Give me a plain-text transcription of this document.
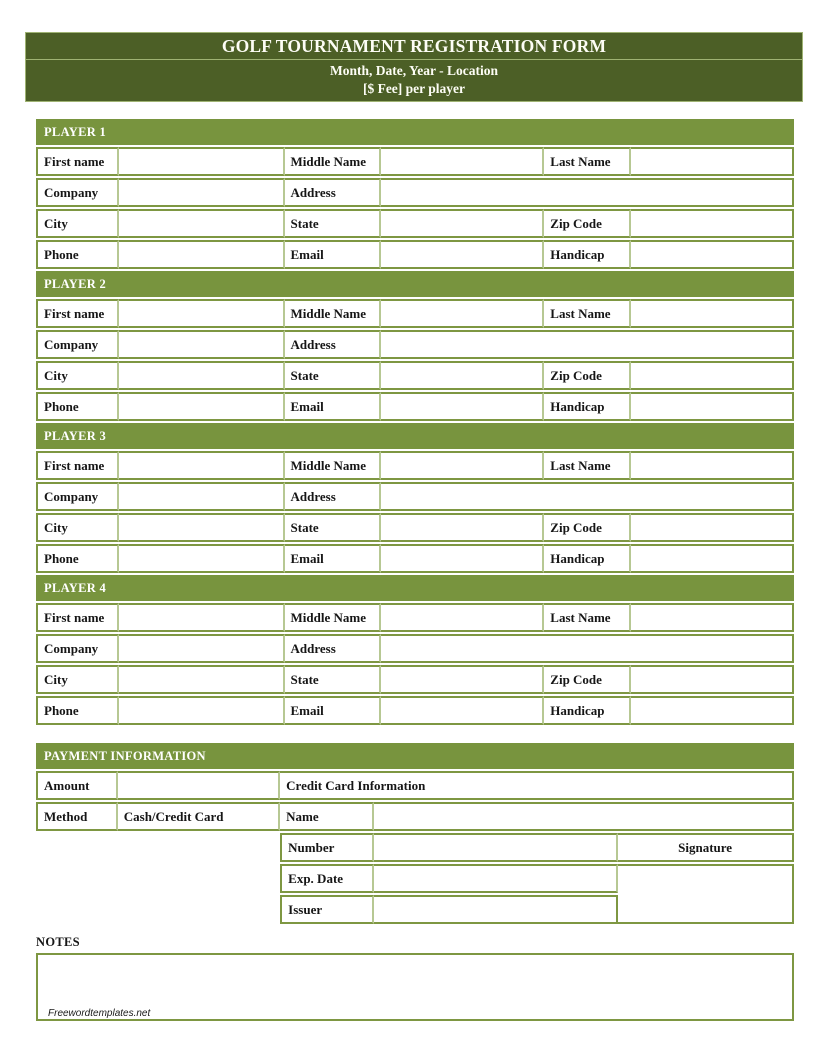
GOLF TOURNAMENT REGISTRATION FORM
Month, Date, Year - Location
[$ Fee] per player
PLAYER 1					
First name		Middle Name		Last Name	
Company		Address			
City		State		Zip Code	
Phone		Email		Handicap	
PLAYER 2					
First name		Middle Name		Last Name	
Company		Address			
City		State		Zip Code	
Phone		Email		Handicap	
PLAYER 3					
First name		Middle Name		Last Name	
Company		Address			
City		State		Zip Code	
Phone		Email		Handicap	
PLAYER 4					
First name		Middle Name		Last Name	
Company		Address			
City		State		Zip Code	
Phone		Email		Handicap	
PAYMENT INFORMATION				
Amount		Credit Card Information		
Method	Cash/Credit Card	Name		
		Number		Signature
		Exp. Date		
		Issuer		
NOTES
Freewordtemplates.net
